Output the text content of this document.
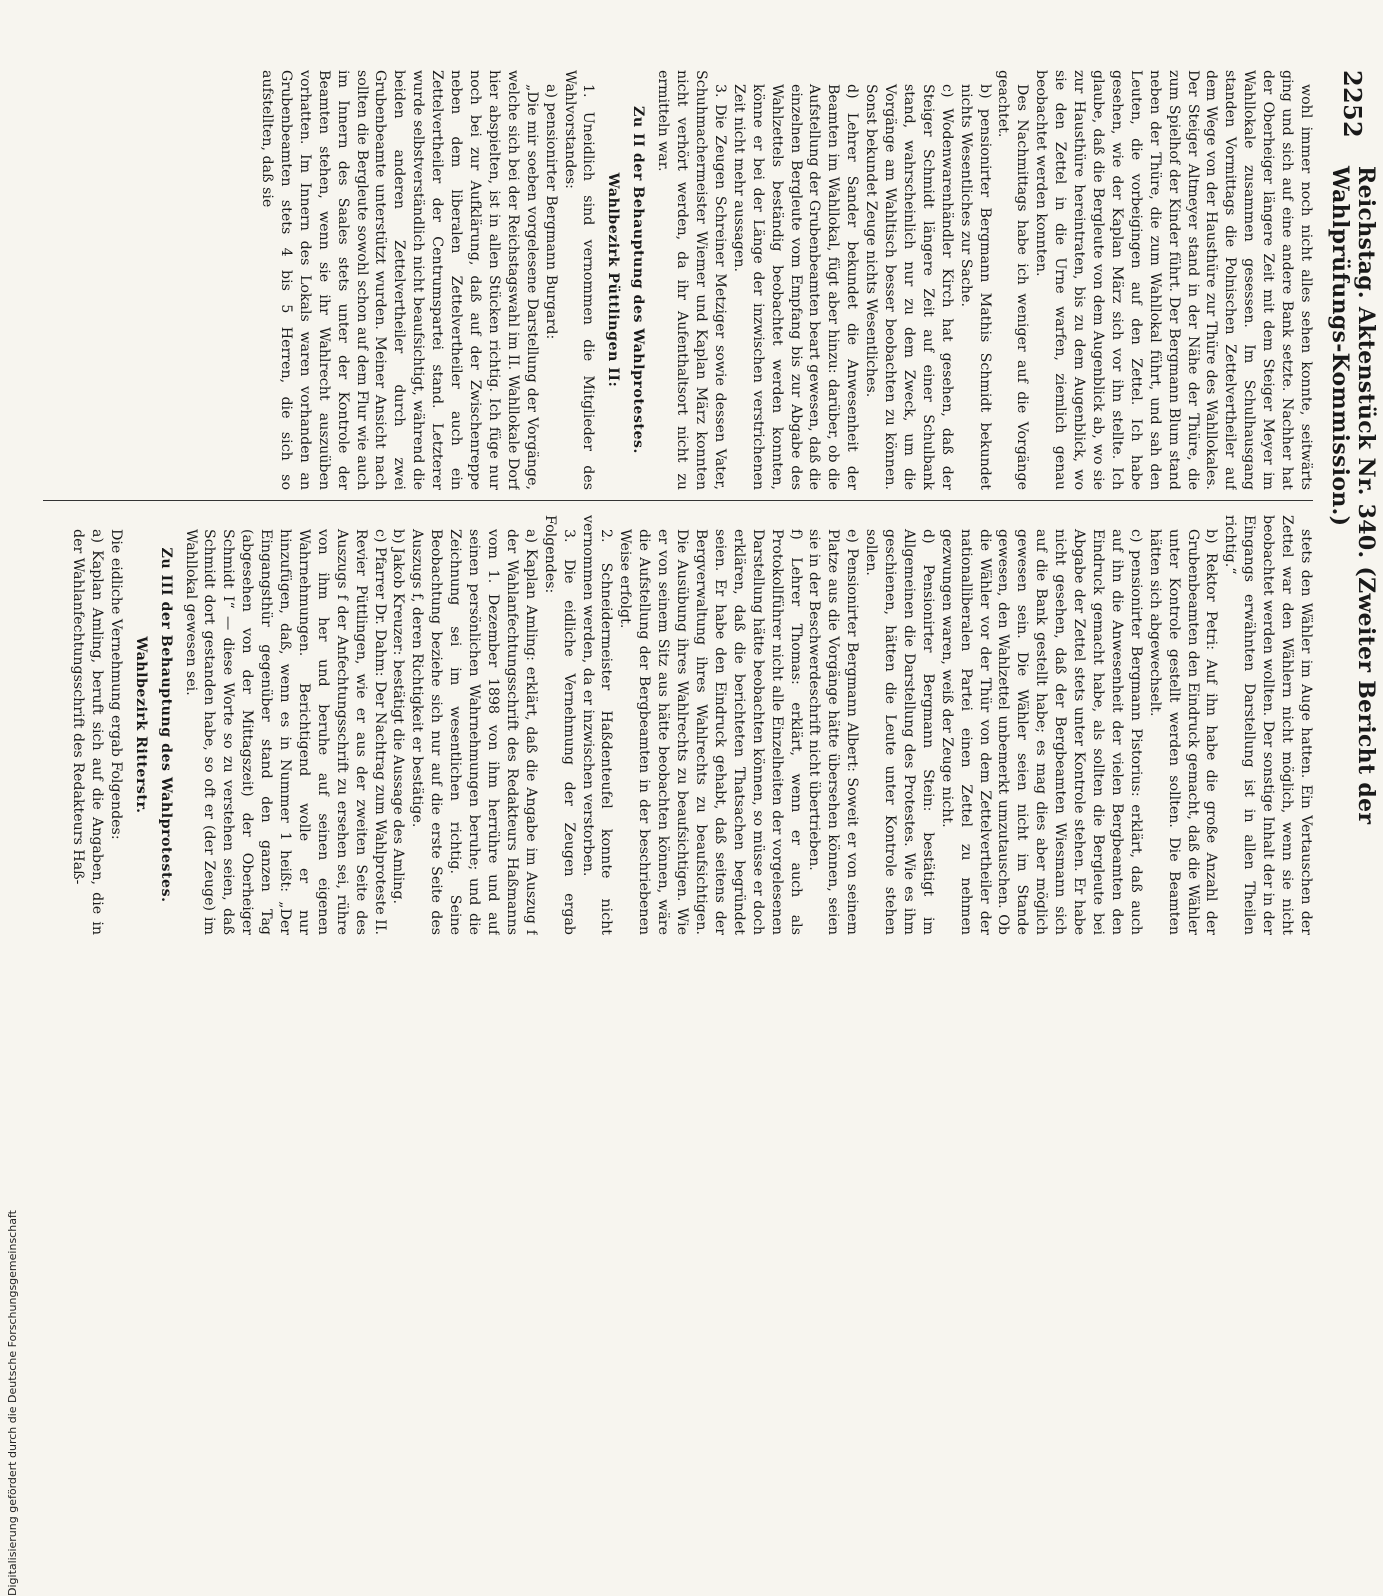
2252
Reichstag. Aktenstück Nr. 340. (Zweiter Bericht der Wahlprüfungs-Kommission.)

wohl immer noch nicht alles sehen konnte, seitwärts ging und sich auf eine andere Bank setzte. Nachher hat der Oberheiger längere Zeit mit dem Steiger Meyer im Wahllokale zusammen gesessen. Im Schulhausgang standen Vormittags die Polnischen Zettelvertheiler auf dem Wege von der Hausthüre zur Thüre des Wahllokales. Der Steiger Altmeyer stand in der Nähe der Thüre, die zum Spielhof der Kinder führt. Der Bergmann Blum stand neben der Thüre, die zum Wahllokal führt, und sah den Leuten, die vorbeigingen auf den Zettel. Ich habe gesehen, wie der Kaplan März sich vor ihn stellte. Ich glaube, daß die Bergleute von dem Augenblick ab, wo sie zur Hausthüre hereintraten, bis zu dem Augenblick, wo sie den Zettel in die Urne warfen, ziemlich genau beobachtet werden konnten.

Des Nachmittags habe ich weniger auf die Vorgänge geachtet.

b) pensionirter Bergmann Mathis Schmidt bekundet nichts Wesentliches zur Sache.

c) Wodenwarenhändler Kirch hat gesehen, daß der Steiger Schmidt längere Zeit auf einer Schulbank stand, wahrscheinlich nur zu dem Zweck, um die Vorgänge am Wahltisch besser beobachten zu können. Sonst bekundet Zeuge nichts Wesentliches.

d) Lehrer Sander bekundet die Anwesenheit der Beamten im Wahllokal, fügt aber hinzu: darüber, ob die Aufstellung der Grubenbeamten beart gewesen, daß die einzelnen Bergleute vom Empfang bis zur Abgabe des Wahlzettels beständig beobachtet werden konnten, könne er bei der Länge der inzwischen verstrichenen Zeit nicht mehr aussagen.

3. Die Zeugen Schreiner Metziger sowie dessen Vater, Schuhmachermeister Wiemer und Kaplan März konnten nicht verhört werden, da ihr Aufenthaltsort nicht zu ermitteln war.

Zu II der Behauptung des Wahlprotestes.

Wahlbezirk Püttlingen II:

1. Uneidlich sind vernommen die Mitglieder des Wahlvorstandes:

a) pensionirter Bergmann Burgard:

„Die mir soeben vorgelesene Darstellung der Vorgänge, welche sich bei der Reichstagswahl im II. Wahllokale Dorf hier abspielten, ist in allen Stücken richtig. Ich füge nur noch bei zur Aufklärung, daß auf der Zwischenreppe neben dem liberalen Zettelvertheiler auch ein Zettelvertheiler der Centrumspartei stand. Letzterer wurde selbstverständlich nicht beaufsichtigt, während die beiden anderen Zettelvertheiler durch zwei Grubenbeamte unterstützt wurden. Meiner Ansicht nach sollten die Bergleute sowohl schon auf dem Flur wie auch im Innern des Saales stets unter der Kontrole der Beamten stehen, wenn sie ihr Wahlrecht auszuüben vorhatten. Im Innern des Lokals waren vorhanden an Grubenbeamten stets 4 bis 5 Herren, die sich so aufstellten, daß sie

stets den Wähler im Auge hatten. Ein Vertauschen der Zettel war den Wählern nicht möglich, wenn sie nicht beobachtet werden wollten. Der sonstige Inhalt der in der Eingangs erwähnten Darstellung ist in allen Theilen richtig.“

b) Rektor Petri: Auf ihn habe die große Anzahl der Grubenbeamten den Eindruck gemacht, daß die Wähler unter Kontrole gestellt werden sollten. Die Beamten hätten sich abgewechselt.

c) pensionirter Bergmann Pistorius: erklärt, daß auch auf ihn die Anwesenheit der vielen Bergbeamten den Eindruck gemacht habe, als sollten die Bergleute bei Abgabe der Zettel stets unter Kontrole stehen. Er habe nicht gesehen, daß der Bergbeamten Wiesmann sich auf die Bank gestellt habe; es mag dies aber möglich gewesen sein. Die Wähler seien nicht im Stande gewesen, den Wahlzettel unbemerkt umzutauschen. Ob die Wähler vor der Thür von dem Zettelvertheiler der nationalliberalen Partei einen Zettel zu nehmen gezwungen waren, weiß der Zeuge nicht.

d) Pensionirter Bergmann Stein: bestätigt im Allgemeinen die Darstellung des Protestes. Wie es ihm geschienen, hätten die Leute unter Kontrole stehen sollen.

e) Pensionirter Bergmann Albert: Soweit er von seinem Platze aus die Vorgänge hätte übersehen können, seien sie in der Beschwerdeschrift nicht übertrieben.

f) Lehrer Thomas: erklärt, wenn er auch als Protokollführer nicht alle Einzelheiten der vorgelesenen Darstellung hätte beobachten können, so müsse er doch erklären, daß die berichteten Thatsachen begründet seien. Er habe den Eindruck gehabt, daß seitens der Bergverwaltung ihres Wahlrechts zu beaufsichtigen. Die Ausübung ihres Wahlrechts zu beaufsichtigen. Wie er von seinem Sitz aus hätte beobachten können, wäre die Aufstellung der Bergbeamten in der beschriebenen Weise erfolgt.

2. Schneidermeister Haßdenteufel konnte nicht vernommen werden, da er inzwischen verstorben.

3. Die eidliche Vernehmung der Zeugen ergab Folgendes:

a) Kaplan Amling: erklärt, daß die Angabe im Auszug f der Wahlanfechtungsschrift des Redakteurs Haßmanns vom 1. Dezember 1898 von ihm herrühre und auf seinen persönlichen Wahrnehmungen beruhe; und die Zeichnung sei im wesentlichen richtig. Seine Beobachtung beziehe sich nur auf die erste Seite des Auszugs f, deren Richtigkeit er bestätige.

b) Jakob Kreuzer: bestätigt die Aussage des Amling.

c) Pfarrer Dr. Dahm: Der Nachtrag zum Wahlproteste II. Revier Püttlingen, wie er aus der zweiten Seite des Auszugs f der Anfechtungsschrift zu ersehen sei, rühre von ihm her und beruhe auf seinen eigenen Wahrnehmungen. Berichtigend wolle er nur hinzufügen, daß, wenn es in Nummer 1 heißt: „Der Eingangsthür gegenüber stand den ganzen Tag (abgesehen von der Mittagszeit) der Oberheiger Schmidt I“ — diese Worte so zu verstehen seien, daß Schmidt dort gestanden habe, so oft er (der Zeuge) im Wahllokal gewesen sei.

Zu III der Behauptung des Wahlprotestes.

Wahlbezirk Ritterstr.

Die eidliche Vernehmung ergab Folgendes:

a) Kaplan Amling, beruft sich auf die Angaben, die in der Wahlanfechtungsschrift des Redakteurs Haß-

Digitalisierung gefördert durch die Deutsche Forschungsgemeinschaft
